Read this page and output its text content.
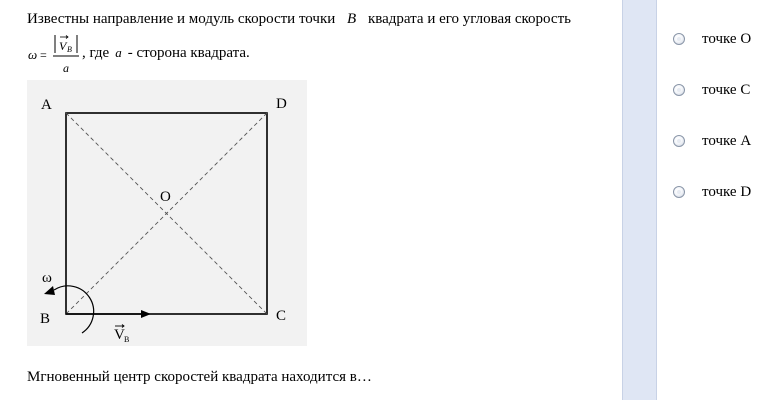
Известны направление и модуль скорости точки B квадрата и его угловая скорость
ω =
V B
a
, где a - сторона квадрата.
A	D
B	C
O
ω
V B
Мгновенный центр скоростей квадрата находится в…
точке O
точке C
точке A
точке D
